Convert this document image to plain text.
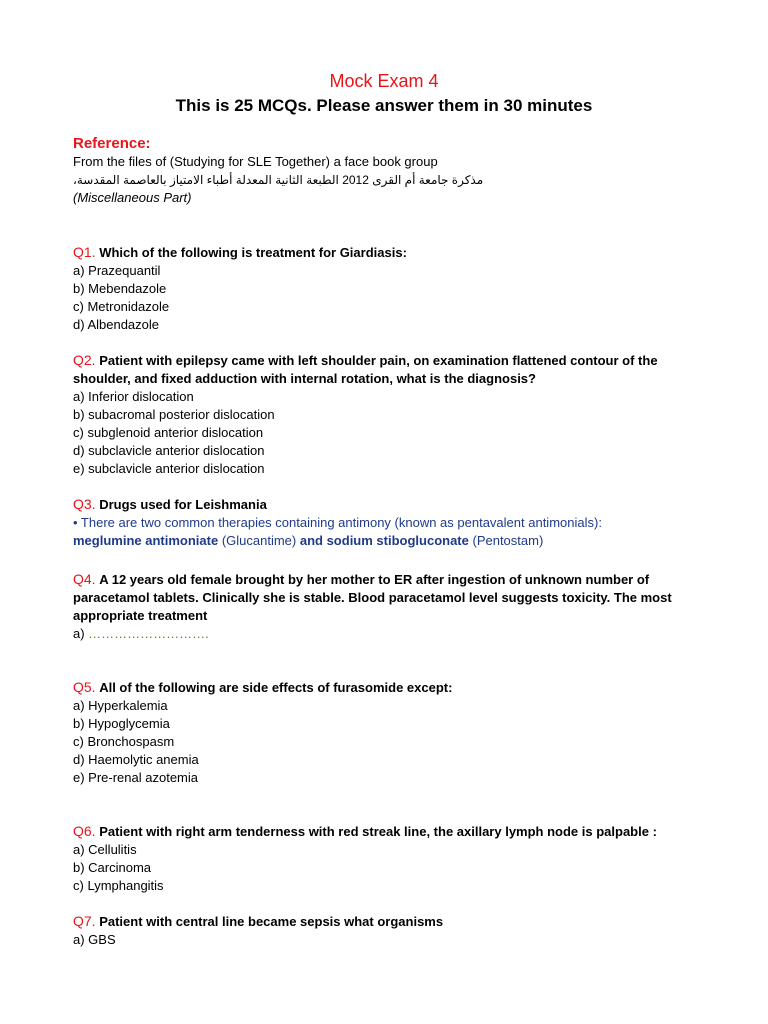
Mock Exam 4
This is 25 MCQs. Please answer them in 30 minutes
Reference:
From the files of (Studying for SLE Together) a face book group
مذكرة جامعة أم القرى 2012 الطبعة الثانية المعدلة أطباء الامتياز بالعاصمة المقدسة،
(Miscellaneous Part)
Q1. Which of the following is treatment for Giardiasis:
a) Prazequantil
b) Mebendazole
c) Metronidazole
d) Albendazole
Q2. Patient with epilepsy came with left shoulder pain, on examination flattened contour of the
shoulder, and fixed adduction with internal rotation, what is the diagnosis?
a) Inferior dislocation
b) subacromal posterior dislocation
c) subglenoid anterior dislocation
d) subclavicle anterior dislocation
e) subclavicle anterior dislocation
Q3. Drugs used for Leishmania
• There are two common therapies containing antimony (known as pentavalent antimonials):
meglumine antimoniate (Glucantime) and sodium stibogluconate (Pentostam)
Q4. A 12 years old female brought by her mother to ER after ingestion of unknown number of
paracetamol tablets. Clinically she is stable. Blood paracetamol level suggests toxicity. The most
appropriate treatment
a) ……………………….
Q5. All of the following are side effects of furasomide except:
a) Hyperkalemia
b) Hypoglycemia
c) Bronchospasm
d) Haemolytic anemia
e) Pre-renal azotemia
Q6. Patient with right arm tenderness with red streak line, the axillary lymph node is palpable :
a) Cellulitis
b) Carcinoma
c) Lymphangitis
Q7. Patient with central line became sepsis what organisms
a) GBS
